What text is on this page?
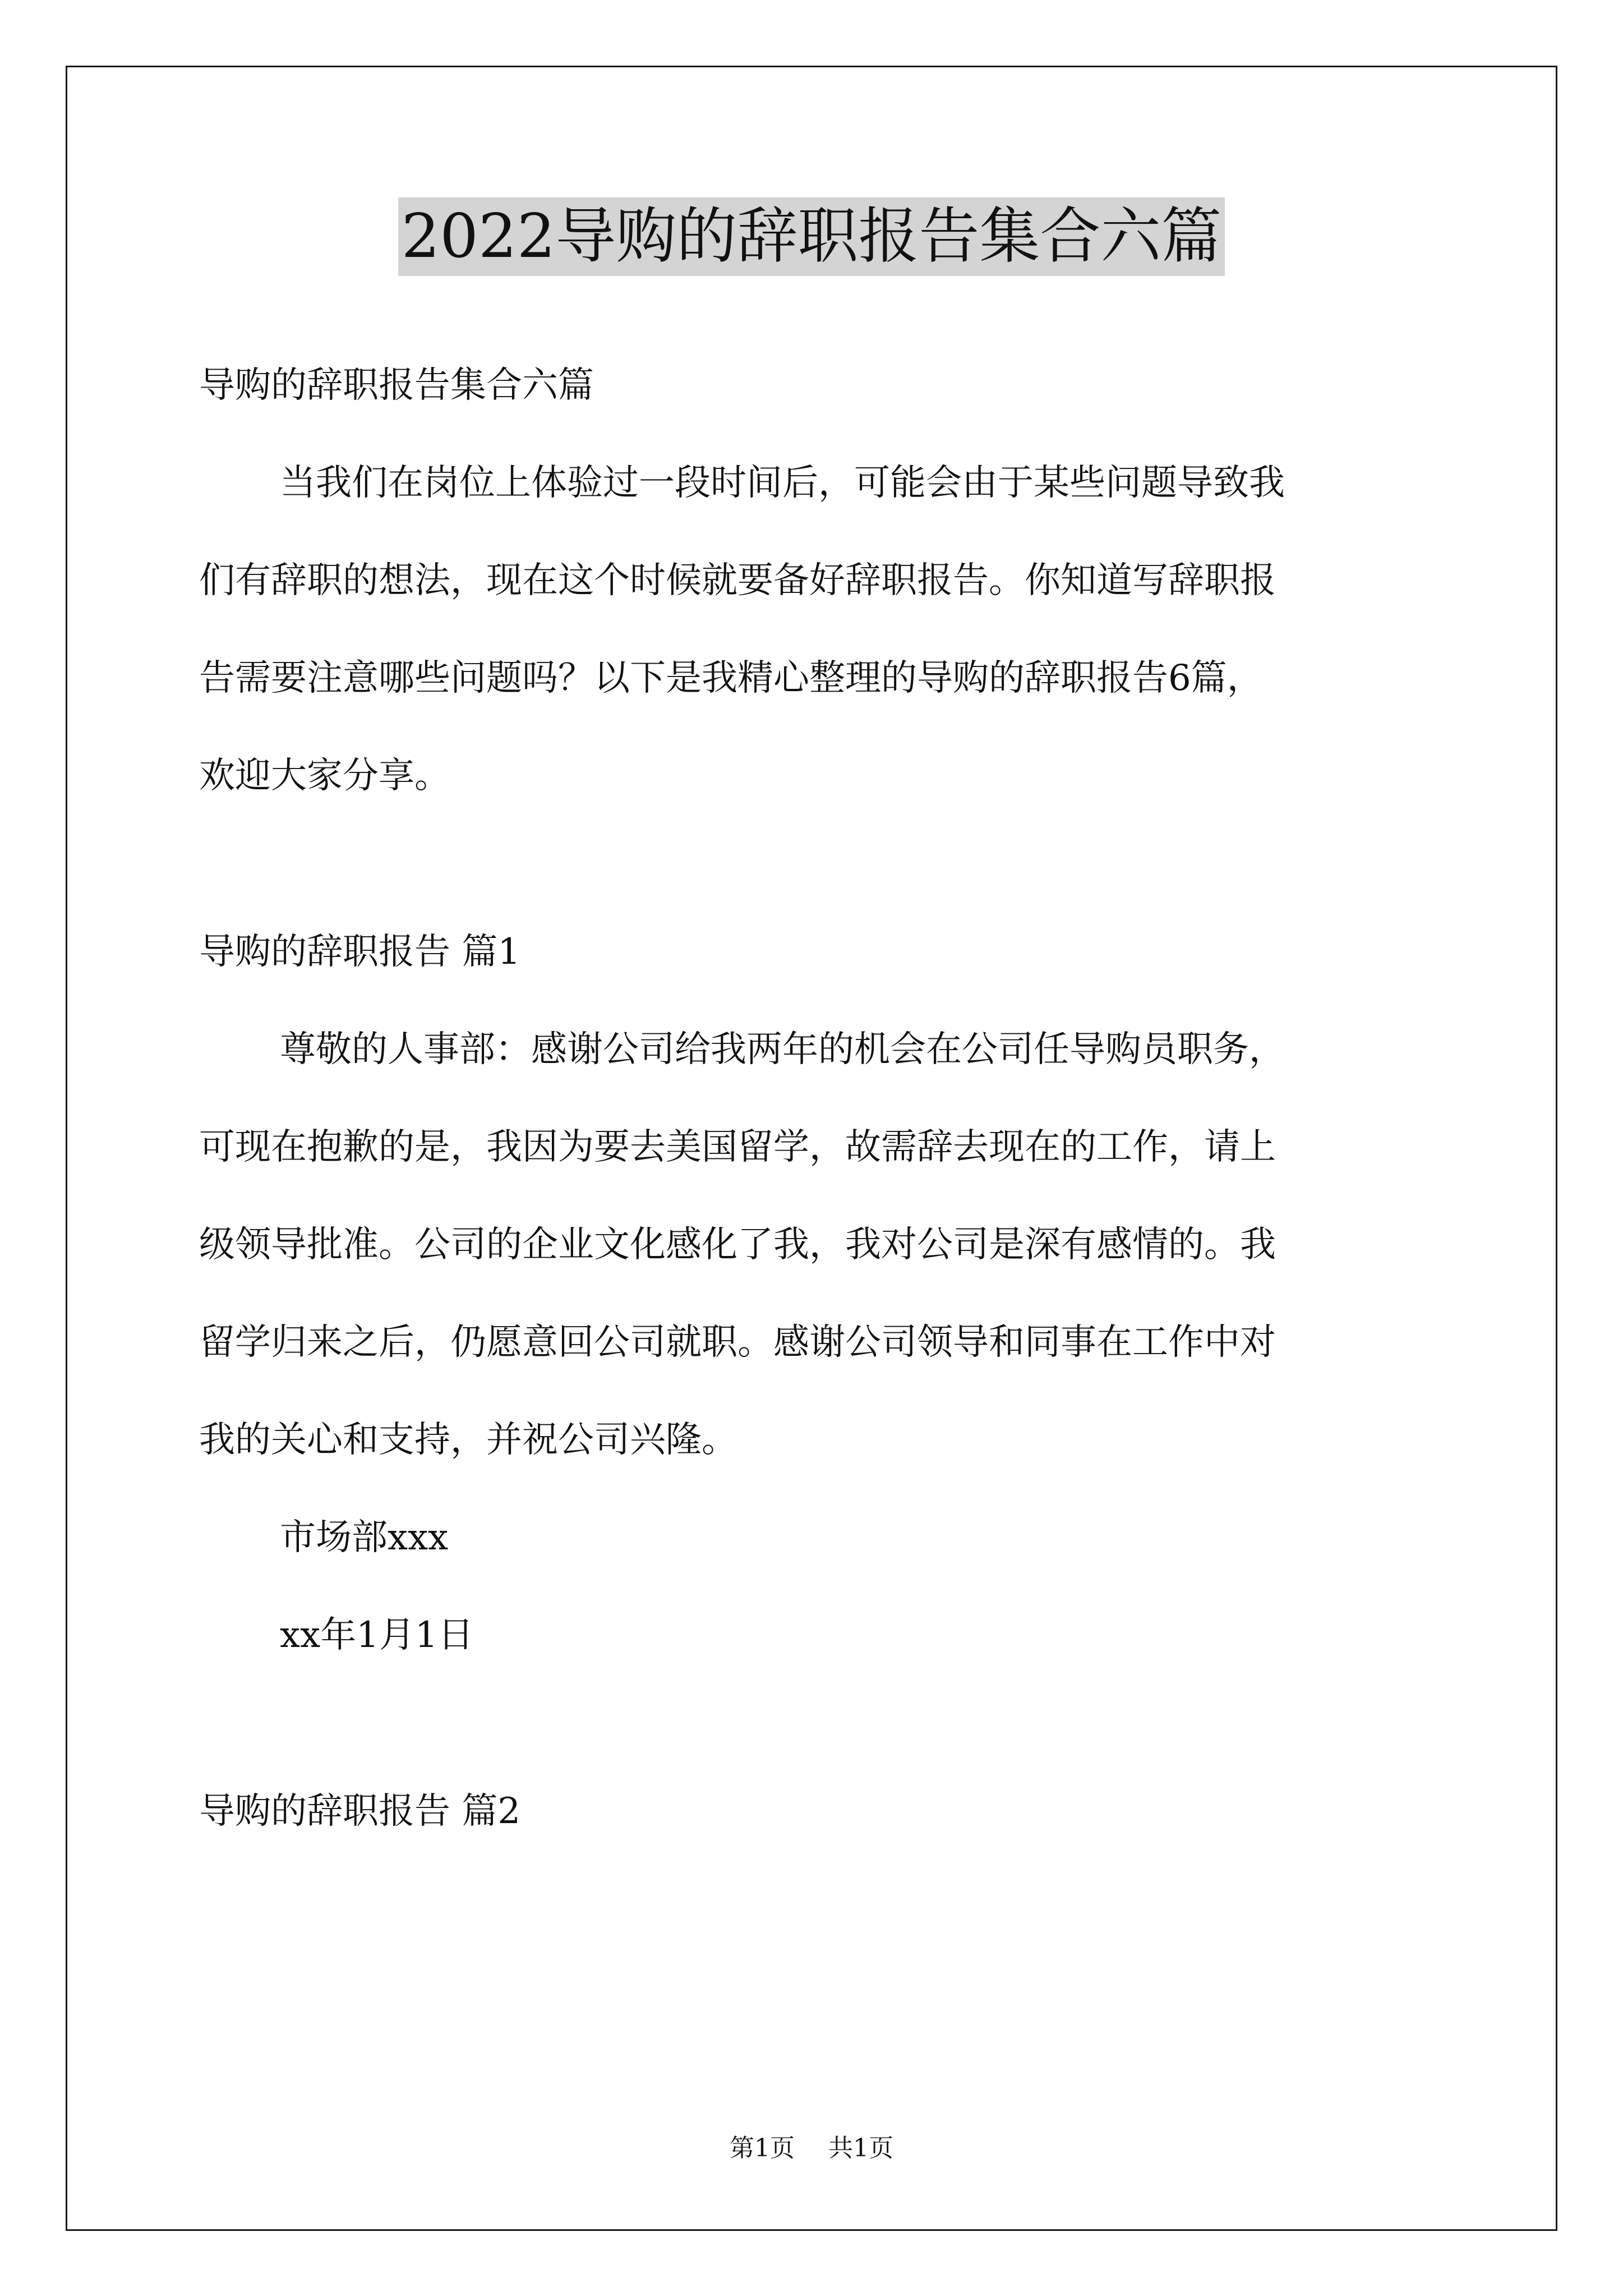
2022导购的辞职报告集合六篇
导购的辞职报告集合六篇
当我们在岗位上体验过一段时间后，可能会由于某些问题导致我
们有辞职的想法，现在这个时候就要备好辞职报告。你知道写辞职报
告需要注意哪些问题吗？以下是我精心整理的导购的辞职报告6篇，
欢迎大家分享。
导购的辞职报告 篇1
尊敬的人事部：感谢公司给我两年的机会在公司任导购员职务，
可现在抱歉的是，我因为要去美国留学，故需辞去现在的工作，请上
级领导批准。公司的企业文化感化了我，我对公司是深有感情的。我
留学归来之后，仍愿意回公司就职。感谢公司领导和同事在工作中对
我的关心和支持，并祝公司兴隆。
市场部xxx
xx年1月1日
导购的辞职报告 篇2
第1页 共1页
